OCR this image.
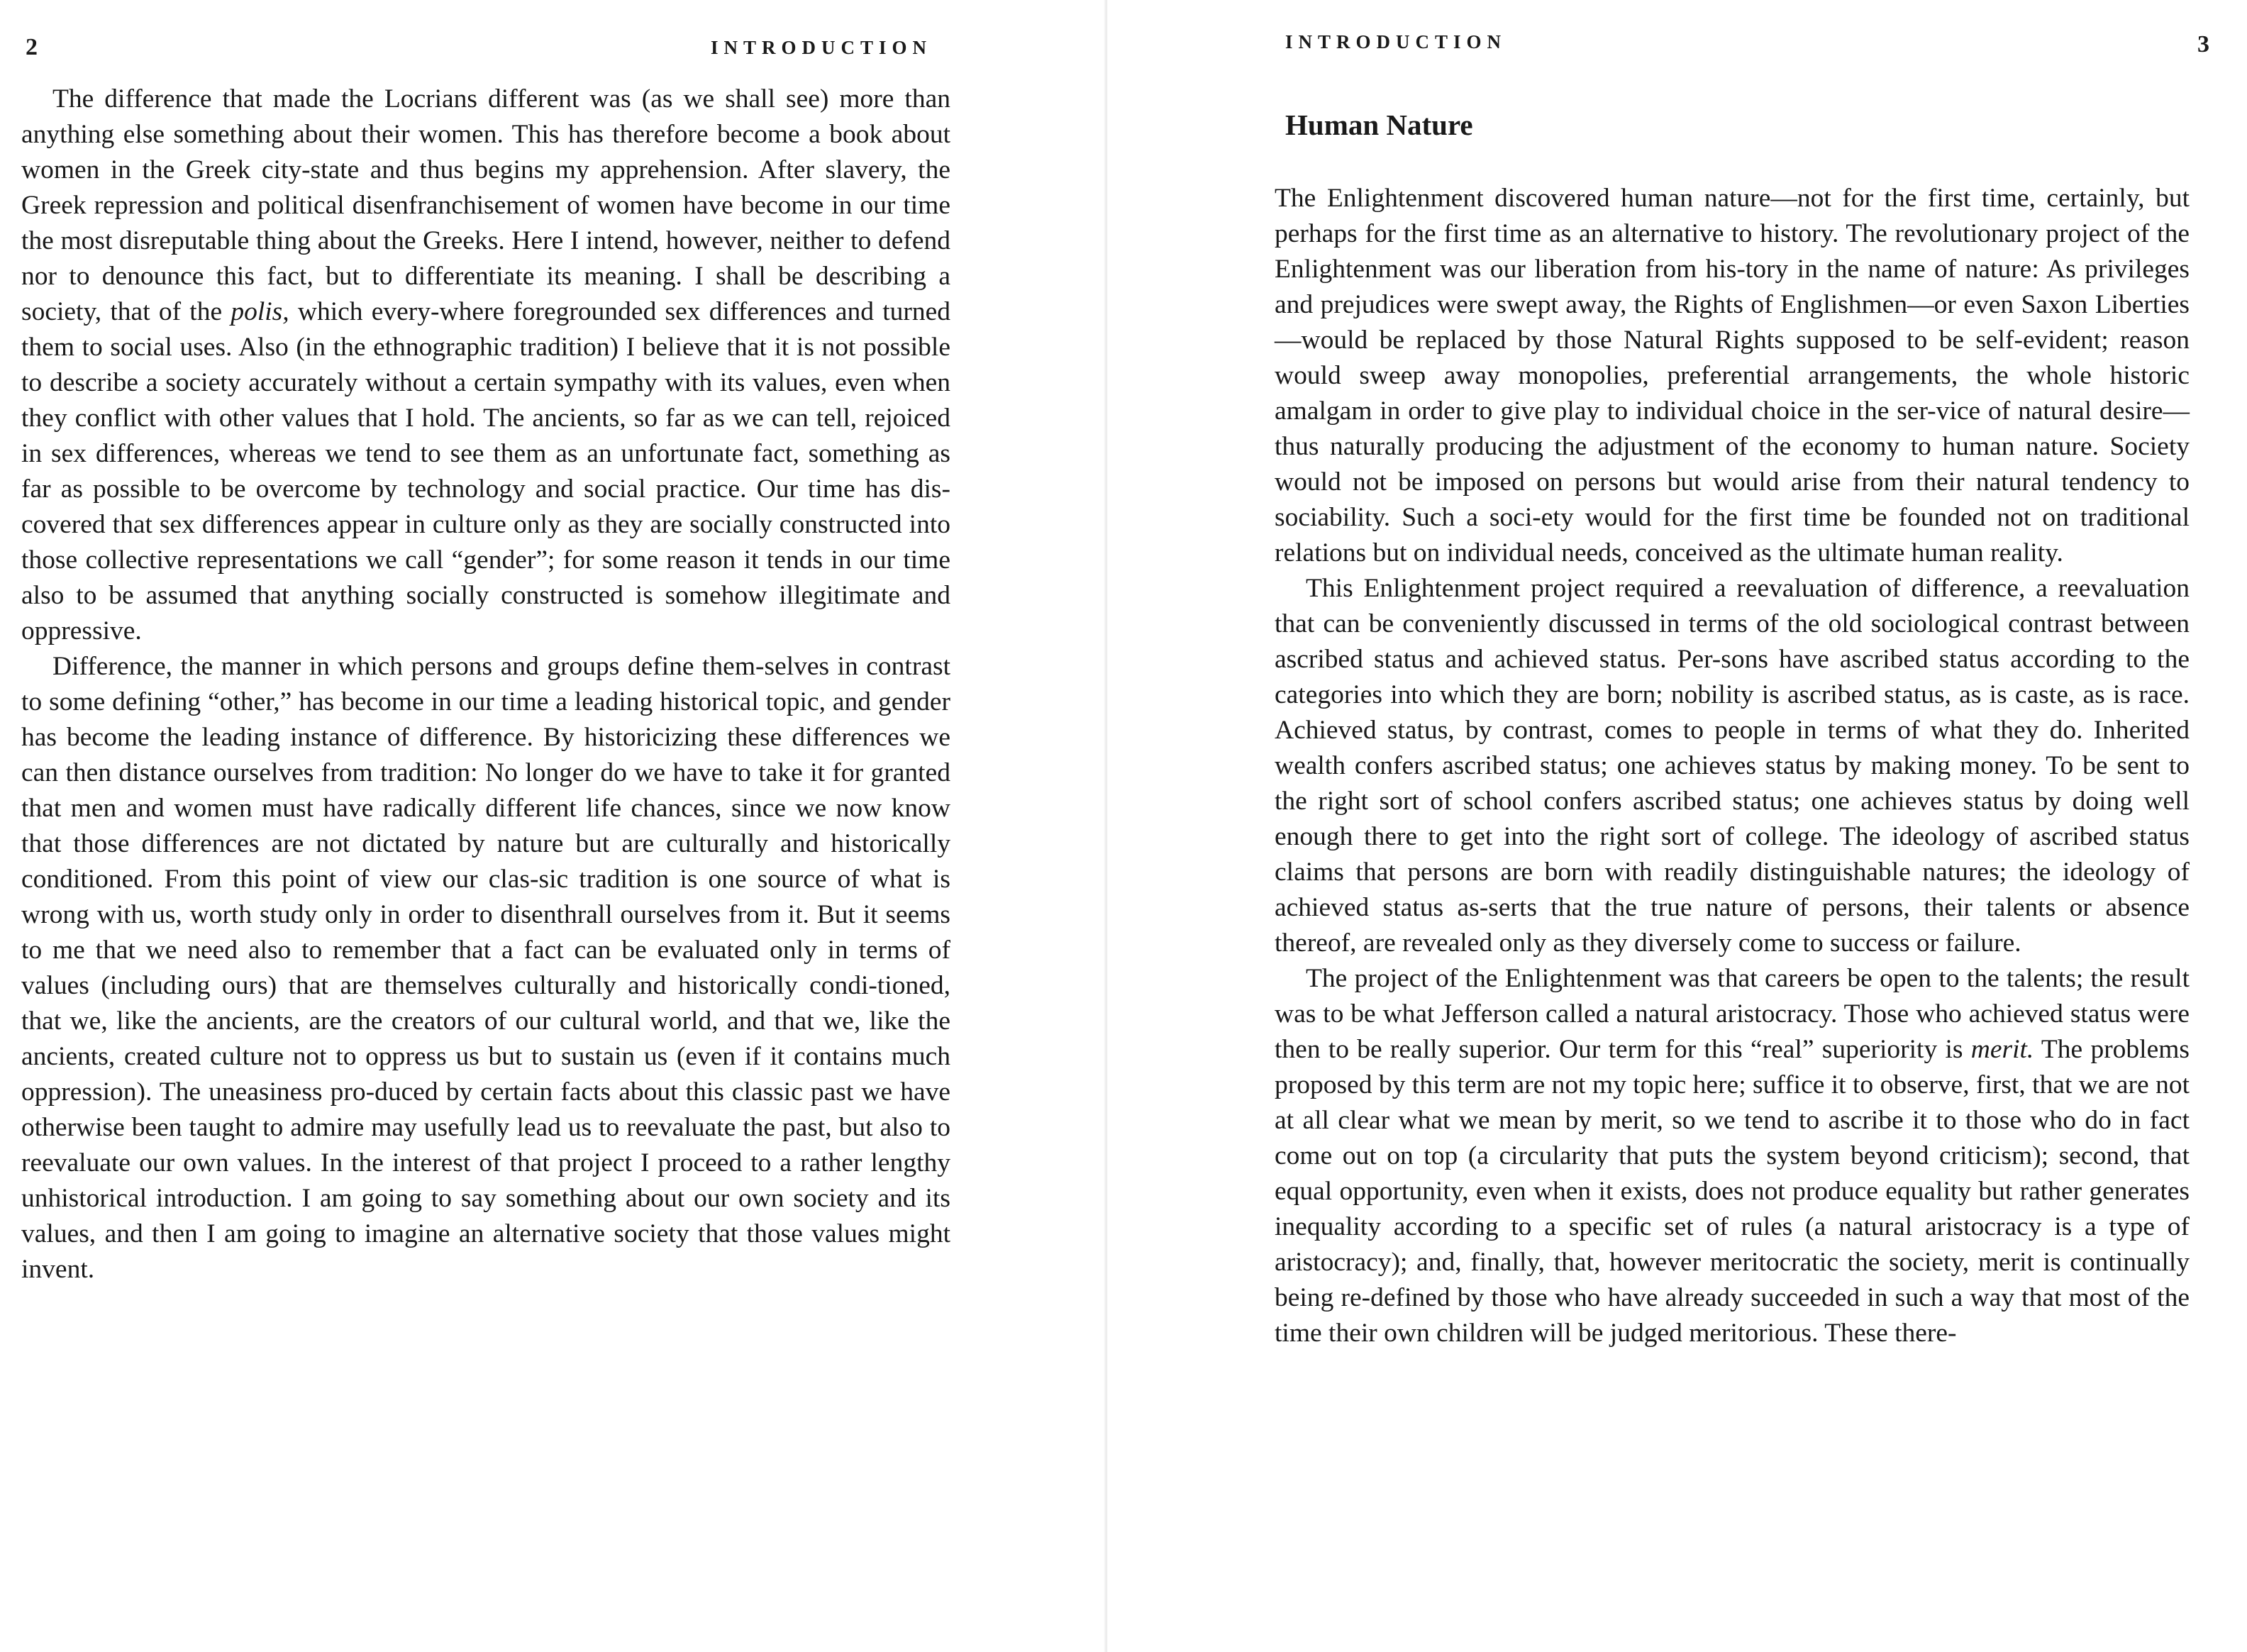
2	INTRODUCTION

The difference that made the Locrians different was (as we shall see) more than anything else something about their women. This has therefore become a book about women in the Greek city-state and thus begins my apprehension. After slavery, the Greek repression and political disenfranchisement of women have become in our time the most disreputable thing about the Greeks. Here I intend, however, neither to defend nor to denounce this fact, but to differentiate its meaning. I shall be describing a society, that of the polis, which every-where foregrounded sex differences and turned them to social uses. Also (in the ethnographic tradition) I believe that it is not possible to describe a society accurately without a certain sympathy with its values, even when they conflict with other values that I hold. The ancients, so far as we can tell, rejoiced in sex differences, whereas we tend to see them as an unfortunate fact, something as far as possible to be overcome by technology and social practice. Our time has dis-covered that sex differences appear in culture only as they are socially constructed into those collective representations we call “gender”; for some reason it tends in our time also to be assumed that anything socially constructed is somehow illegitimate and oppressive.

Difference, the manner in which persons and groups define them-selves in contrast to some defining “other,” has become in our time a leading historical topic, and gender has become the leading instance of difference. By historicizing these differences we can then distance ourselves from tradition: No longer do we have to take it for granted that men and women must have radically different life chances, since we now know that those differences are not dictated by nature but are culturally and historically conditioned. From this point of view our clas-sic tradition is one source of what is wrong with us, worth study only in order to disenthrall ourselves from it. But it seems to me that we need also to remember that a fact can be evaluated only in terms of values (including ours) that are themselves culturally and historically condi-tioned, that we, like the ancients, are the creators of our cultural world, and that we, like the ancients, created culture not to oppress us but to sustain us (even if it contains much oppression). The uneasiness pro-duced by certain facts about this classic past we have otherwise been taught to admire may usefully lead us to reevaluate the past, but also to reevaluate our own values. In the interest of that project I proceed to a rather lengthy unhistorical introduction. I am going to say something about our own society and its values, and then I am going to imagine an alternative society that those values might invent.

INTRODUCTION	3
Human Nature

The Enlightenment discovered human nature—not for the first time, certainly, but perhaps for the first time as an alternative to history. The revolutionary project of the Enlightenment was our liberation from his-tory in the name of nature: As privileges and prejudices were swept away, the Rights of Englishmen—or even Saxon Liberties—would be replaced by those Natural Rights supposed to be self-evident; reason would sweep away monopolies, preferential arrangements, the whole historic amalgam in order to give play to individual choice in the ser-vice of natural desire—thus naturally producing the adjustment of the economy to human nature. Society would not be imposed on persons but would arise from their natural tendency to sociability. Such a soci-ety would for the first time be founded not on traditional relations but on individual needs, conceived as the ultimate human reality.

This Enlightenment project required a reevaluation of difference, a reevaluation that can be conveniently discussed in terms of the old sociological contrast between ascribed status and achieved status. Per-sons have ascribed status according to the categories into which they are born; nobility is ascribed status, as is caste, as is race. Achieved status, by contrast, comes to people in terms of what they do. Inherited wealth confers ascribed status; one achieves status by making money. To be sent to the right sort of school confers ascribed status; one achieves status by doing well enough there to get into the right sort of college. The ideology of ascribed status claims that persons are born with readily distinguishable natures; the ideology of achieved status as-serts that the true nature of persons, their talents or absence thereof, are revealed only as they diversely come to success or failure.

The project of the Enlightenment was that careers be open to the talents; the result was to be what Jefferson called a natural aristocracy. Those who achieved status were then to be really superior. Our term for this “real” superiority is merit. The problems proposed by this term are not my topic here; suffice it to observe, first, that we are not at all clear what we mean by merit, so we tend to ascribe it to those who do in fact come out on top (a circularity that puts the system beyond criticism); second, that equal opportunity, even when it exists, does not produce equality but rather generates inequality according to a specific set of rules (a natural aristocracy is a type of aristocracy); and, finally, that, however meritocratic the society, merit is continually being re-defined by those who have already succeeded in such a way that most of the time their own children will be judged meritorious. These there-
